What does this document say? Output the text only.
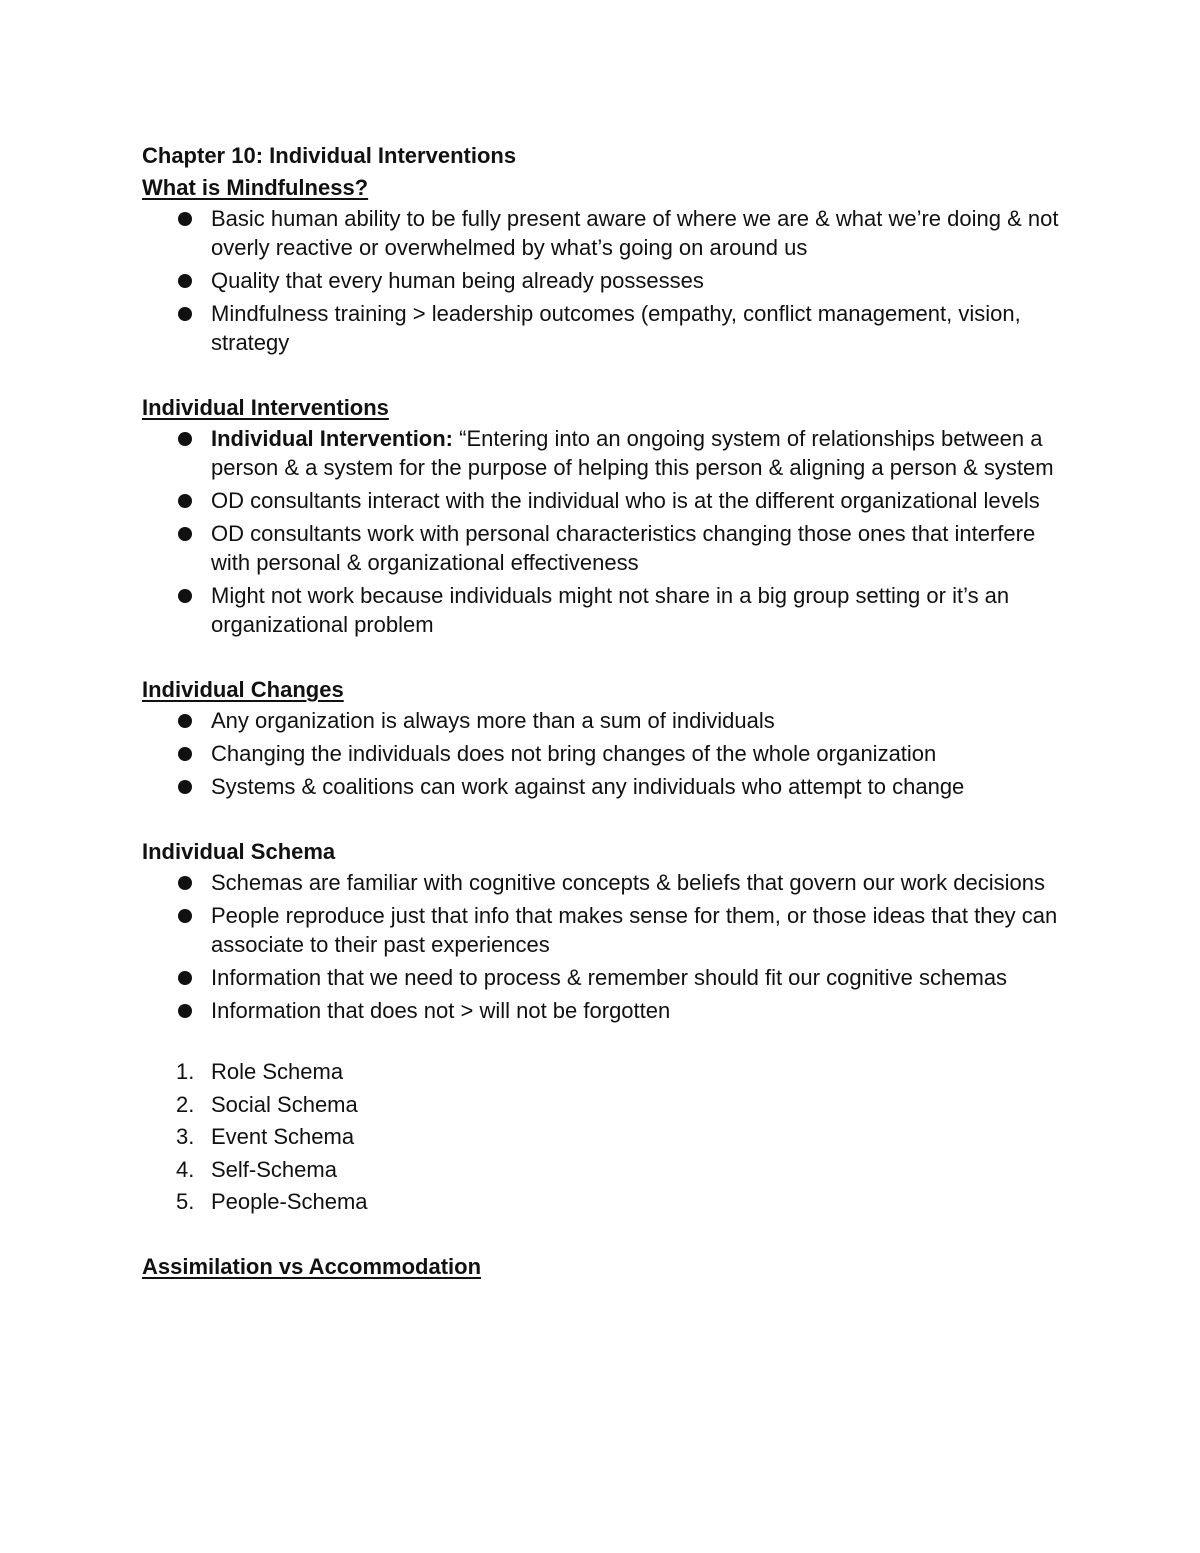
Chapter 10: Individual Interventions
What is Mindfulness?
Basic human ability to be fully present aware of where we are & what we’re doing & not overly reactive or overwhelmed by what’s going on around us
Quality that every human being already possesses
Mindfulness training > leadership outcomes (empathy, conflict management, vision, strategy
Individual Interventions
Individual Intervention: “Entering into an ongoing system of relationships between a person & a system for the purpose of helping this person & aligning a person & system
OD consultants interact with the individual who is at the different organizational levels
OD consultants work with personal characteristics changing those ones that interfere with personal & organizational effectiveness
Might not work because individuals might not share in a big group setting or it’s an organizational problem
Individual Changes
Any organization is always more than a sum of individuals
Changing the individuals does not bring changes of the whole organization
Systems & coalitions can work against any individuals who attempt to change
Individual Schema
Schemas are familiar with cognitive concepts & beliefs that govern our work decisions
People reproduce just that info that makes sense for them, or those ideas that they can associate to their past experiences
Information that we need to process & remember should fit our cognitive schemas
Information that does not > will not be forgotten
1. Role Schema
2. Social Schema
3. Event Schema
4. Self-Schema
5. People-Schema
Assimilation vs Accommodation
